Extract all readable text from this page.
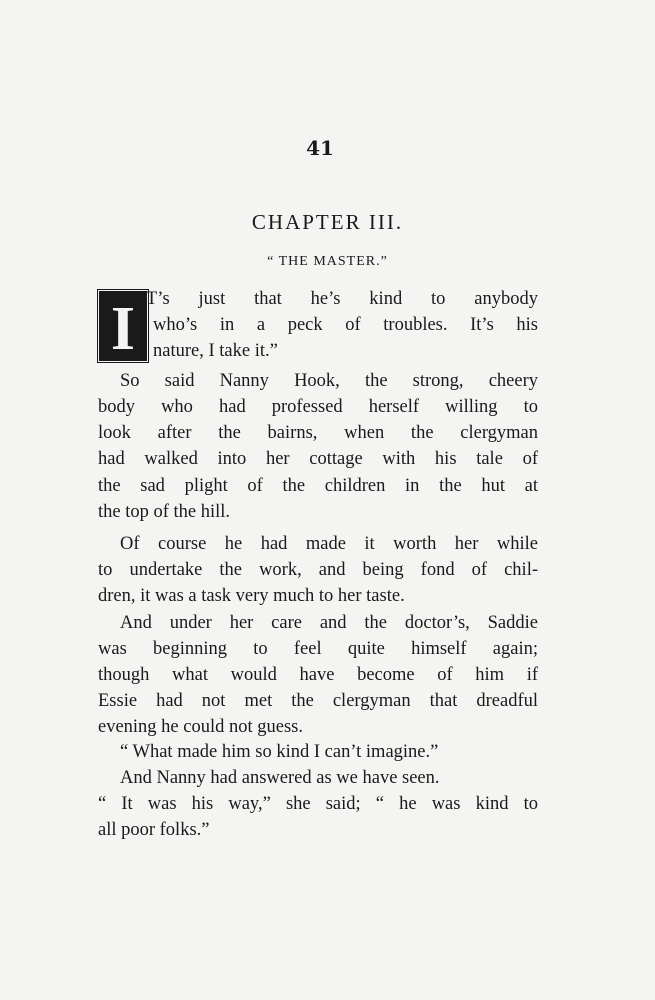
41
CHAPTER III.
“ THE MASTER.”
I T’s just that he’s kind to anybody
who’s in a peck of troubles. It’s his
nature, I take it.”
So said Nanny Hook, the strong, cheery
body who had professed herself willing to
look after the bairns, when the clergyman
had walked into her cottage with his tale of
the sad plight of the children in the hut at
the top of the hill.
Of course he had made it worth her while
to undertake the work, and being fond of chil-
dren, it was a task very much to her taste.
And under her care and the doctor’s, Saddie
was beginning to feel quite himself again;
though what would have become of him if
Essie had not met the clergyman that dreadful
evening he could not guess.
“ What made him so kind I can’t imagine.”
And Nanny had answered as we have seen.
“ It was his way,” she said; “ he was kind to
all poor folks.”
